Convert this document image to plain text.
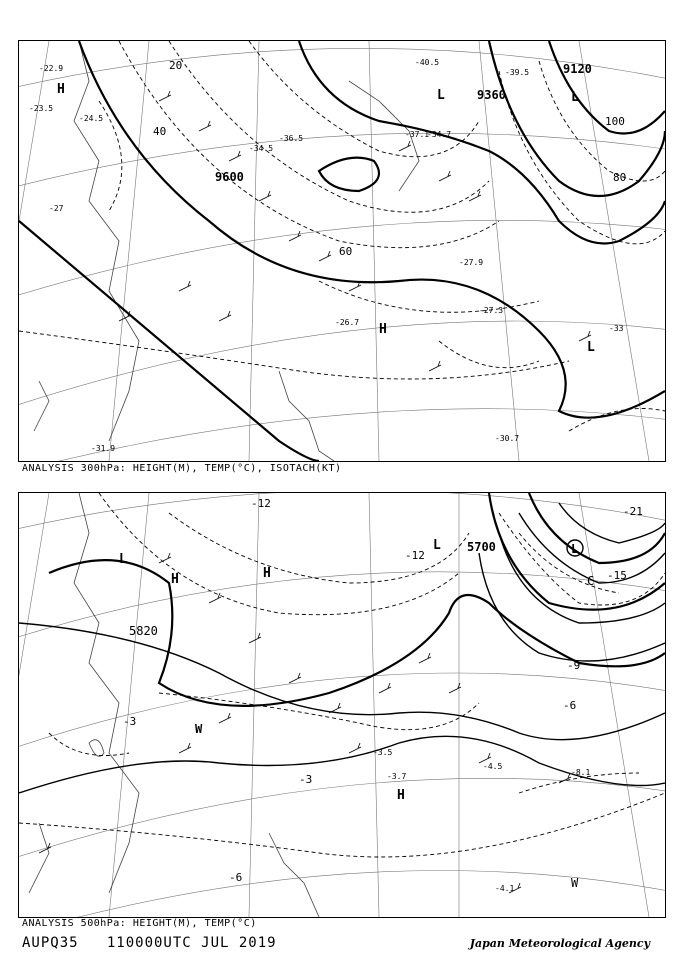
9120
9360
9600
20
40
60
80
100
H	L	L
L
H
-22.9
-24.5
-23.5
-27
-34.5
-37.1
-34.7
-39.5
-40.5
-36.5
-27.9
-26.7
-27.3
-31.9
-30.7
-33
ANALYSIS 300hPa: HEIGHT(M), TEMP(°C), ISOTACH(KT)
5700
5820
-12
-21
-15
-12
-9
-6
-3
-3
-6
-4.5
-3.5
-3.7	-8.1
-4.1
L
H	H
L
L
C
W
H
W
ANALYSIS 500hPa: HEIGHT(M), TEMP(°C)
AUPQ35   110000UTC JUL 2019	Japan Meteorological Agency
